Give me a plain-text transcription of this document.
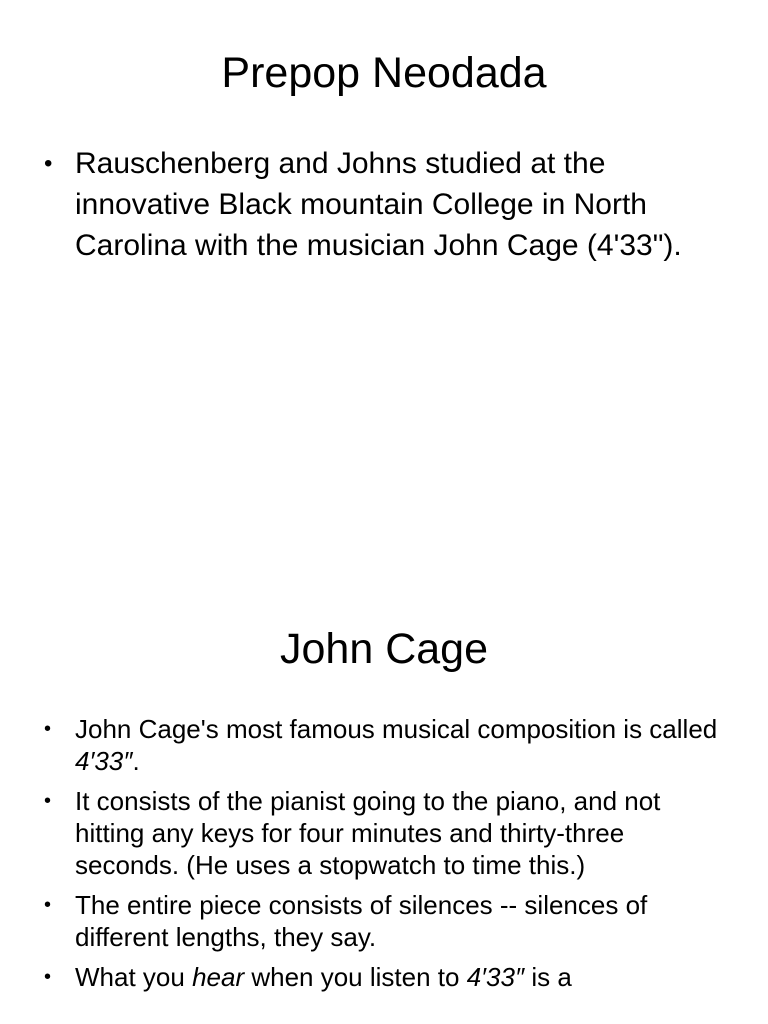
Prepop Neodada
• Rauschenberg and Johns studied at the innovative Black mountain College in North Carolina with the musician John Cage (4'33").
John Cage
• John Cage's most famous musical composition is called 4′33″.
• It consists of the pianist going to the piano, and not hitting any keys for four minutes and thirty-three seconds. (He uses a stopwatch to time this.)
• The entire piece consists of silences -- silences of different lengths, they say.
• What you hear when you listen to 4′33″ is a
